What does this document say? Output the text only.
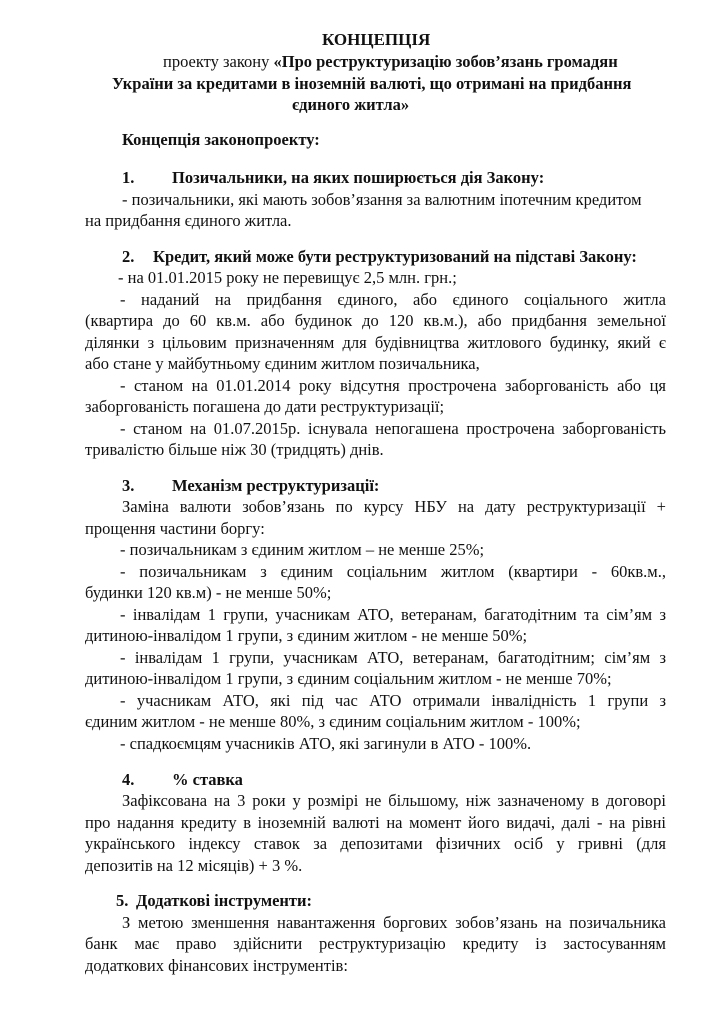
КОНЦЕПЦІЯ
проекту закону «Про реструктуризацію зобов’язань громадян
України за кредитами в іноземній валюті, що отримані на придбання
єдиного житла»
Концепція законопроекту:
1. Позичальники, на яких поширюється дія Закону:
- позичальники, які мають зобов’язання за валютним іпотечним кредитом
на придбання єдиного житла.
2. Кредит, який може бути реструктуризований на підставі Закону:
- на 01.01.2015 року не перевищує 2,5 млн. грн.;
- наданий на придбання єдиного, або єдиного соціального житла
(квартира до 60 кв.м. або будинок до 120 кв.м.), або придбання земельної
ділянки з цільовим призначенням для будівництва житлового будинку, який є
або стане у майбутньому єдиним житлом позичальника,
- станом на 01.01.2014 року відсутня прострочена заборгованість або ця
заборгованість погашена до дати реструктуризації;
- станом на 01.07.2015р. існувала непогашена прострочена заборгованість
тривалістю більше ніж 30 (тридцять) днів.
3. Механізм реструктуризації:
Заміна валюти зобов’язань по курсу НБУ на дату реструктуризації +
прощення частини боргу:
- позичальникам з єдиним житлом – не менше 25%;
- позичальникам з єдиним соціальним житлом (квартири - 60кв.м.,
будинки 120 кв.м) - не менше 50%;
- інвалідам 1 групи, учасникам АТО, ветеранам, багатодітним та сім’ям з
дитиною-інвалідом 1 групи, з єдиним житлом - не менше 50%;
- інвалідам 1 групи, учасникам АТО, ветеранам, багатодітним; сім’ям з
дитиною-інвалідом 1 групи, з єдиним соціальним житлом - не менше 70%;
- учасникам АТО, які під час АТО отримали інвалідність 1 групи з
єдиним житлом - не менше 80%, з єдиним соціальним житлом - 100%;
- спадкоємцям учасників АТО, які загинули в АТО - 100%.
4. % ставка
Зафіксована на 3 роки у розмірі не більшому, ніж зазначеному в договорі
про надання кредиту в іноземній валюті на момент його видачі, далі - на рівні
українського індексу ставок за депозитами фізичних осіб у гривні (для
депозитів на 12 місяців) + 3 %.
5. Додаткові інструменти:
З метою зменшення навантаження боргових зобов’язань на позичальника
банк має право здійснити реструктуризацію кредиту із застосуванням
додаткових фінансових інструментів:
